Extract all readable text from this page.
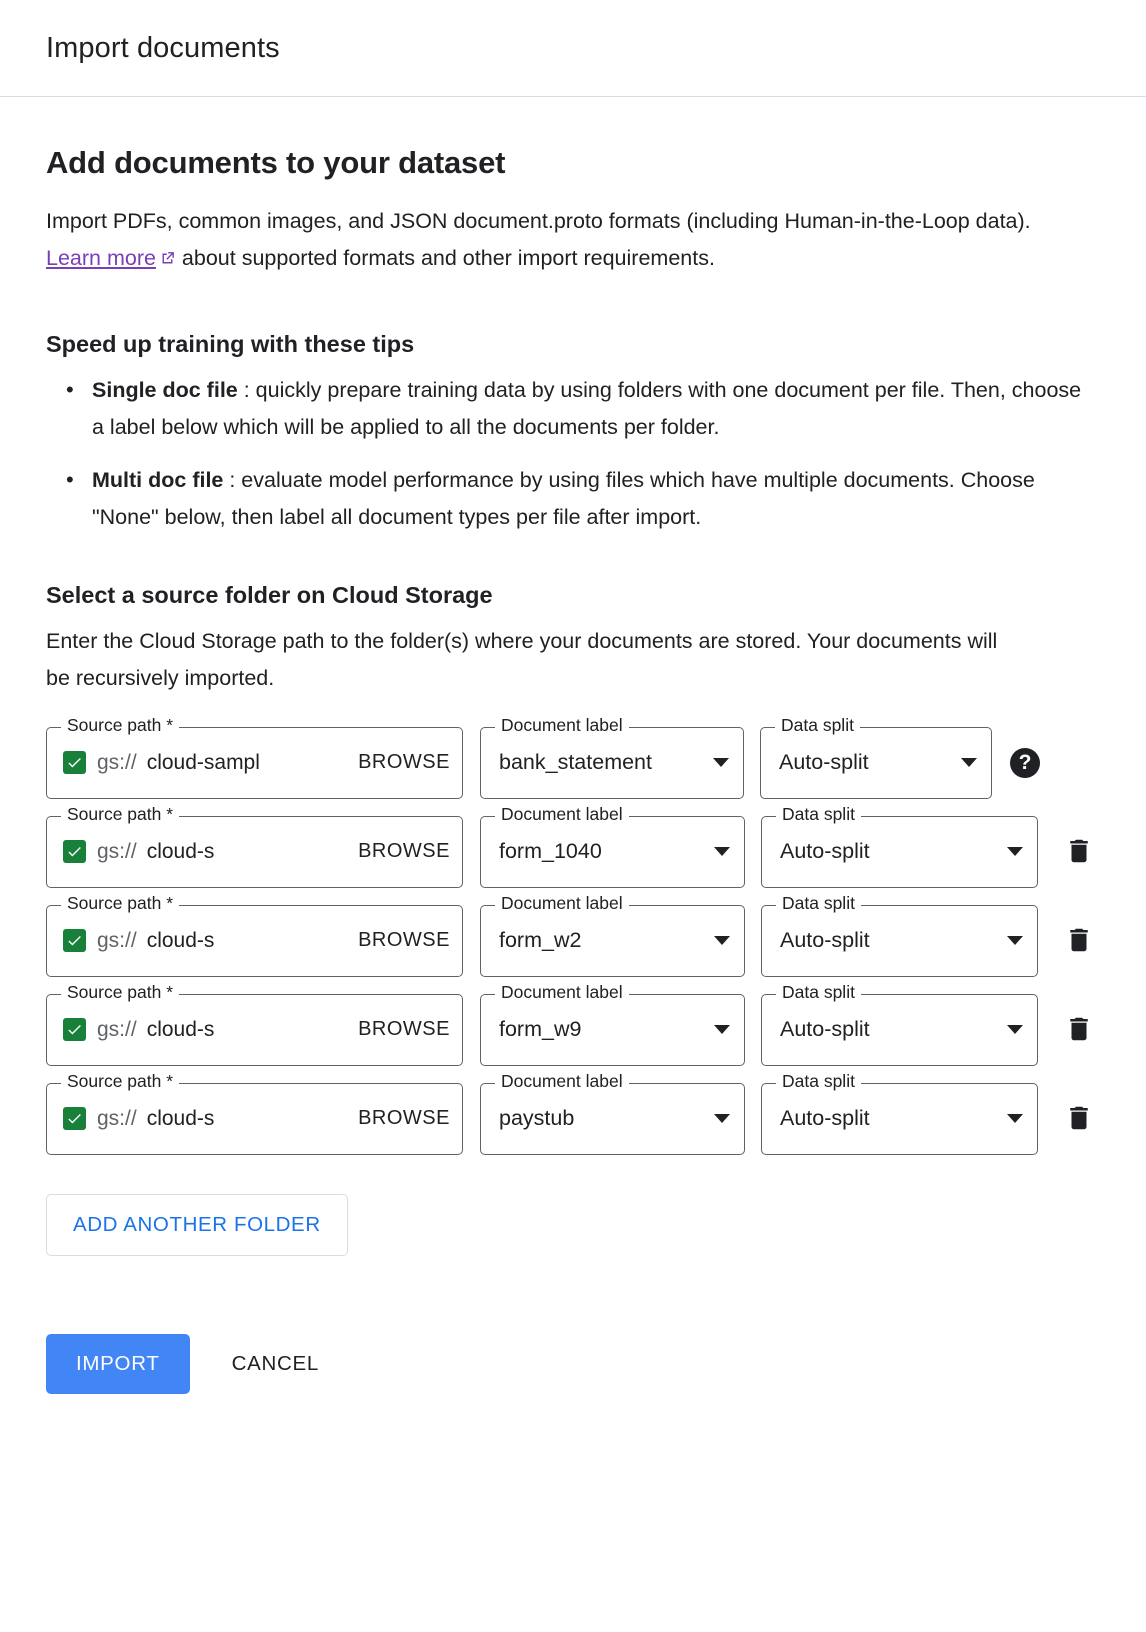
Import documents
Add documents to your dataset

Import PDFs, common images, and JSON document.proto formats (including Human-in-the-Loop data). Learn more about supported formats and other import requirements.

Speed up training with these tips
• Single doc file : quickly prepare training data by using folders with one document per file. Then, choose a label below which will be applied to all the documents per folder.
• Multi doc file : evaluate model performance by using files which have multiple documents. Choose "None" below, then label all document types per file after import.
Select a source folder on Cloud Storage

Enter the Cloud Storage path to the folder(s) where your documents are stored. Your documents will be recursively imported.

Source path *
gs:// cloud-sampl	BROWSE
Document label
bank_statement
Data split
Auto-split	?
Source path *
gs:// cloud-s	BROWSE
Document label
form_1040
Data split
Auto-split
Source path *
gs:// cloud-s	BROWSE
Document label
form_w2
Data split
Auto-split
Source path *
gs:// cloud-s	BROWSE
Document label
form_w9
Data split
Auto-split
Source path *
gs:// cloud-s	BROWSE
Document label
paystub
Data split
Auto-split
ADD ANOTHER FOLDER
IMPORT	CANCEL
